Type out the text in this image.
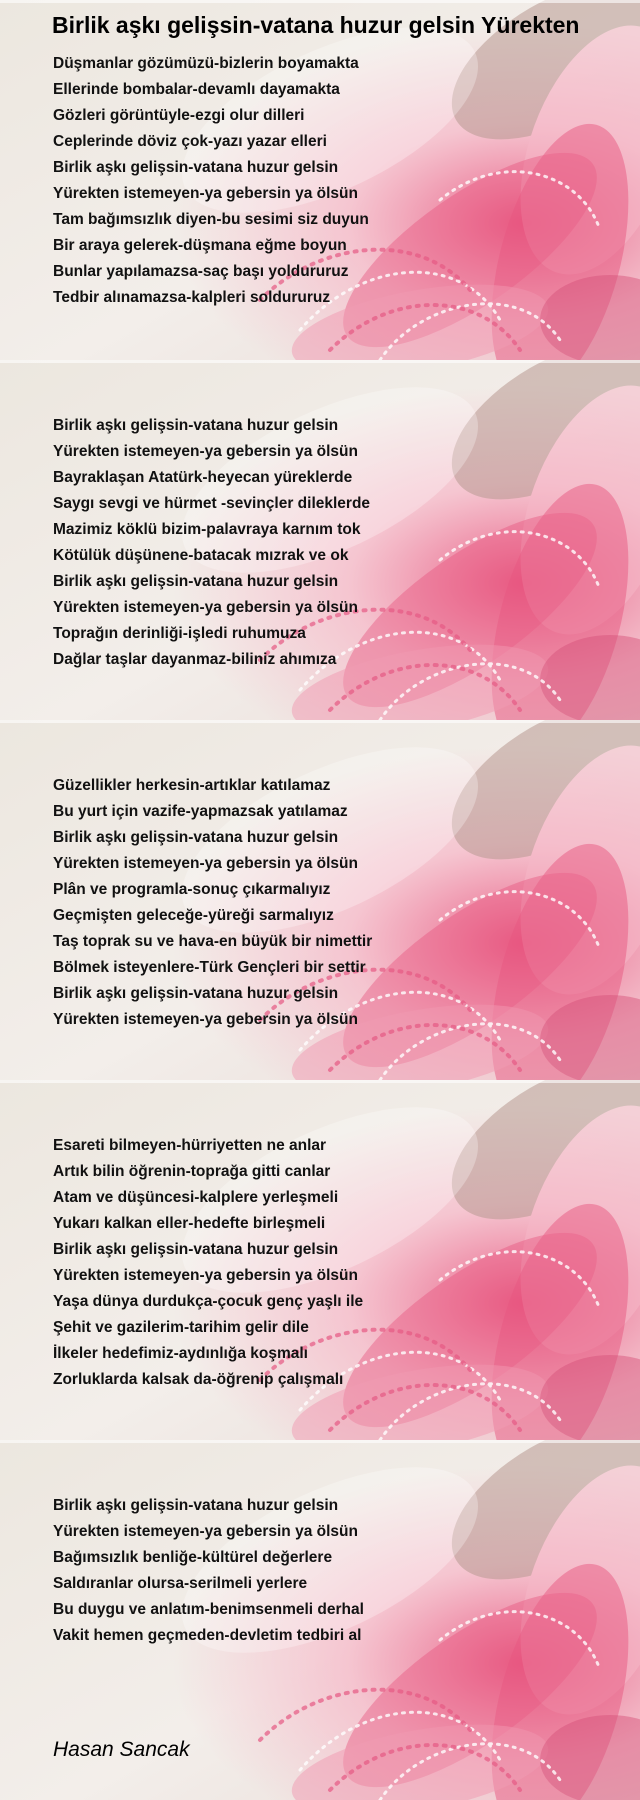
Birlik aşkı gelişsin-vatana huzur gelsin Yürekten
Düşmanlar gözümüzü-bizlerin boyamakta
Ellerinde bombalar-devamlı dayamakta
Gözleri görüntüyle-ezgi olur dilleri
Ceplerinde döviz çok-yazı yazar elleri
Birlik aşkı gelişsin-vatana huzur gelsin
Yürekten istemeyen-ya gebersin ya ölsün
Tam bağımsızlık diyen-bu sesimi siz duyun
Bir araya gelerek-düşmana eğme boyun
Bunlar yapılamazsa-saç başı yoldururuz
Tedbir alınamazsa-kalpleri soldururuz
Birlik aşkı gelişsin-vatana huzur gelsin
Yürekten istemeyen-ya gebersin ya ölsün
Bayraklaşan Atatürk-heyecan yüreklerde
Saygı sevgi ve hürmet -sevinçler dileklerde
Mazimiz köklü bizim-palavraya karnım tok
Kötülük düşünene-batacak mızrak ve ok
Birlik aşkı gelişsin-vatana huzur gelsin
Yürekten istemeyen-ya gebersin ya ölsün
Toprağın derinliği-işledi ruhumuza
Dağlar taşlar dayanmaz-biliniz ahımıza
Güzellikler herkesin-artıklar katılamaz
Bu yurt için vazife-yapmazsak yatılamaz
Birlik aşkı gelişsin-vatana huzur gelsin
Yürekten istemeyen-ya gebersin ya ölsün
Plân ve programla-sonuç çıkarmalıyız
Geçmişten geleceğe-yüreği sarmalıyız
Taş toprak su ve hava-en büyük bir nimettir
Bölmek isteyenlere-Türk Gençleri bir settir
Birlik aşkı gelişsin-vatana huzur gelsin
Yürekten istemeyen-ya gebersin ya ölsün
Esareti bilmeyen-hürriyetten ne anlar
Artık bilin öğrenin-toprağa gitti canlar
Atam ve düşüncesi-kalplere yerleşmeli
Yukarı kalkan eller-hedefte birleşmeli
Birlik aşkı gelişsin-vatana huzur gelsin
Yürekten istemeyen-ya gebersin ya ölsün
Yaşa dünya durdukça-çocuk genç yaşlı ile
Şehit ve gazilerim-tarihim gelir dile
İlkeler hedefimiz-aydınlığa koşmalı
Zorluklarda kalsak da-öğrenip çalışmalı
Birlik aşkı gelişsin-vatana huzur gelsin
Yürekten istemeyen-ya gebersin ya ölsün
Bağımsızlık benliğe-kültürel değerlere
Saldıranlar olursa-serilmeli yerlere
Bu duygu ve anlatım-benimsenmeli derhal
Vakit hemen geçmeden-devletim tedbiri al
Hasan Sancak
